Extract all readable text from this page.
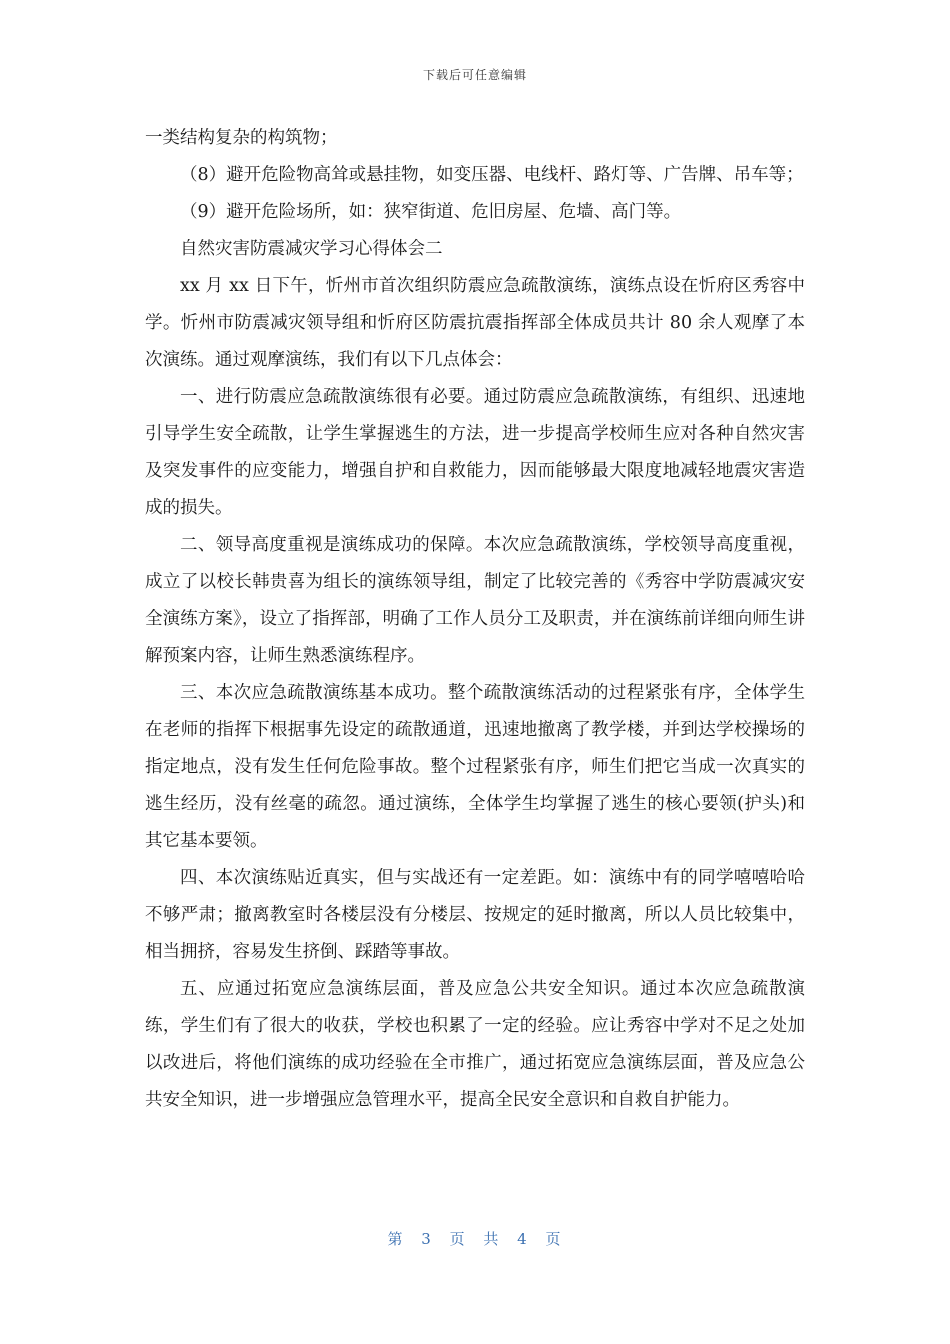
下载后可任意编辑

一类结构复杂的构筑物；

（8）避开危险物高耸或悬挂物，如变压器、电线杆、路灯等、广告牌、吊车等；

（9）避开危险场所，如：狭窄街道、危旧房屋、危墙、高门等。

自然灾害防震减灾学习心得体会二

xx 月 xx 日下午，忻州市首次组织防震应急疏散演练，演练点设在忻府区秀容中学。忻州市防震减灾领导组和忻府区防震抗震指挥部全体成员共计 80 余人观摩了本次演练。通过观摩演练，我们有以下几点体会：

一、进行防震应急疏散演练很有必要。通过防震应急疏散演练，有组织、迅速地引导学生安全疏散，让学生掌握逃生的方法，进一步提高学校师生应对各种自然灾害及突发事件的应变能力，增强自护和自救能力，因而能够最大限度地减轻地震灾害造成的损失。

二、领导高度重视是演练成功的保障。本次应急疏散演练，学校领导高度重视，成立了以校长韩贵喜为组长的演练领导组，制定了比较完善的《秀容中学防震减灾安全演练方案》，设立了指挥部，明确了工作人员分工及职责，并在演练前详细向师生讲解预案内容，让师生熟悉演练程序。

三、本次应急疏散演练基本成功。整个疏散演练活动的过程紧张有序，全体学生在老师的指挥下根据事先设定的疏散通道，迅速地撤离了教学楼，并到达学校操场的指定地点，没有发生任何危险事故。整个过程紧张有序，师生们把它当成一次真实的逃生经历，没有丝毫的疏忽。通过演练，全体学生均掌握了逃生的核心要领(护头)和其它基本要领。

四、本次演练贴近真实，但与实战还有一定差距。如：演练中有的同学嘻嘻哈哈不够严肃；撤离教室时各楼层没有分楼层、按规定的延时撤离，所以人员比较集中，相当拥挤，容易发生挤倒、踩踏等事故。

五、应通过拓宽应急演练层面，普及应急公共安全知识。通过本次应急疏散演练，学生们有了很大的收获，学校也积累了一定的经验。应让秀容中学对不足之处加以改进后，将他们演练的成功经验在全市推广，通过拓宽应急演练层面，普及应急公共安全知识，进一步增强应急管理水平，提高全民安全意识和自救自护能力。

第 3 页 共 4 页
